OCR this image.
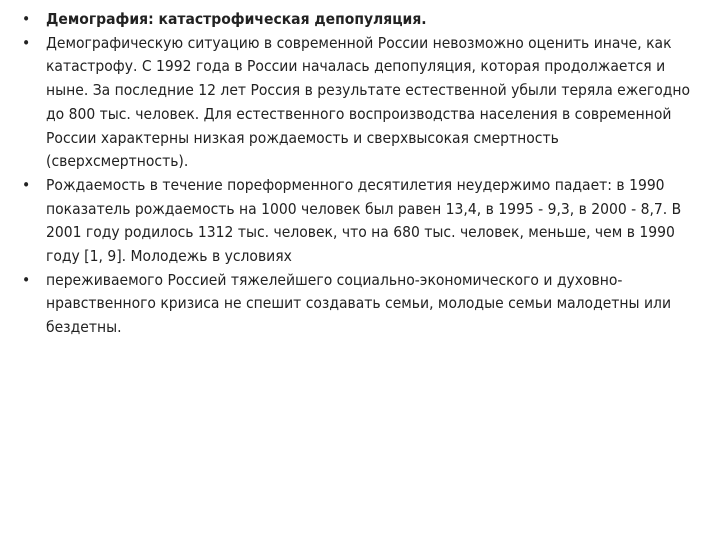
•	Демография: катастрофическая депопуляция.
•	Демографическую ситуацию в современной России невозможно оценить иначе, как катастрофу. С 1992 года в России началась депопуляция, которая продолжается и ныне. За последние 12 лет Россия в результате естественной убыли теряла ежегодно до 800 тыс. человек. Для естественного воспроизводства населения в современной России характерны низкая рождаемость и сверхвысокая смертность (сверхсмертность).
•	Рождаемость в течение пореформенного десятилетия неудержимо падает: в 1990 показатель рождаемость на 1000 человек был равен 13,4, в 1995 - 9,3, в 2000 - 8,7. В 2001 году родилось 1312 тыс. человек, что на 680 тыс. человек, меньше, чем в 1990 году [1, 9]. Молодежь в условиях
•	переживаемого Россией тяжелейшего социально-экономического и духовно-нравственного кризиса не спешит создавать семьи, молодые семьи малодетны или бездетны.
